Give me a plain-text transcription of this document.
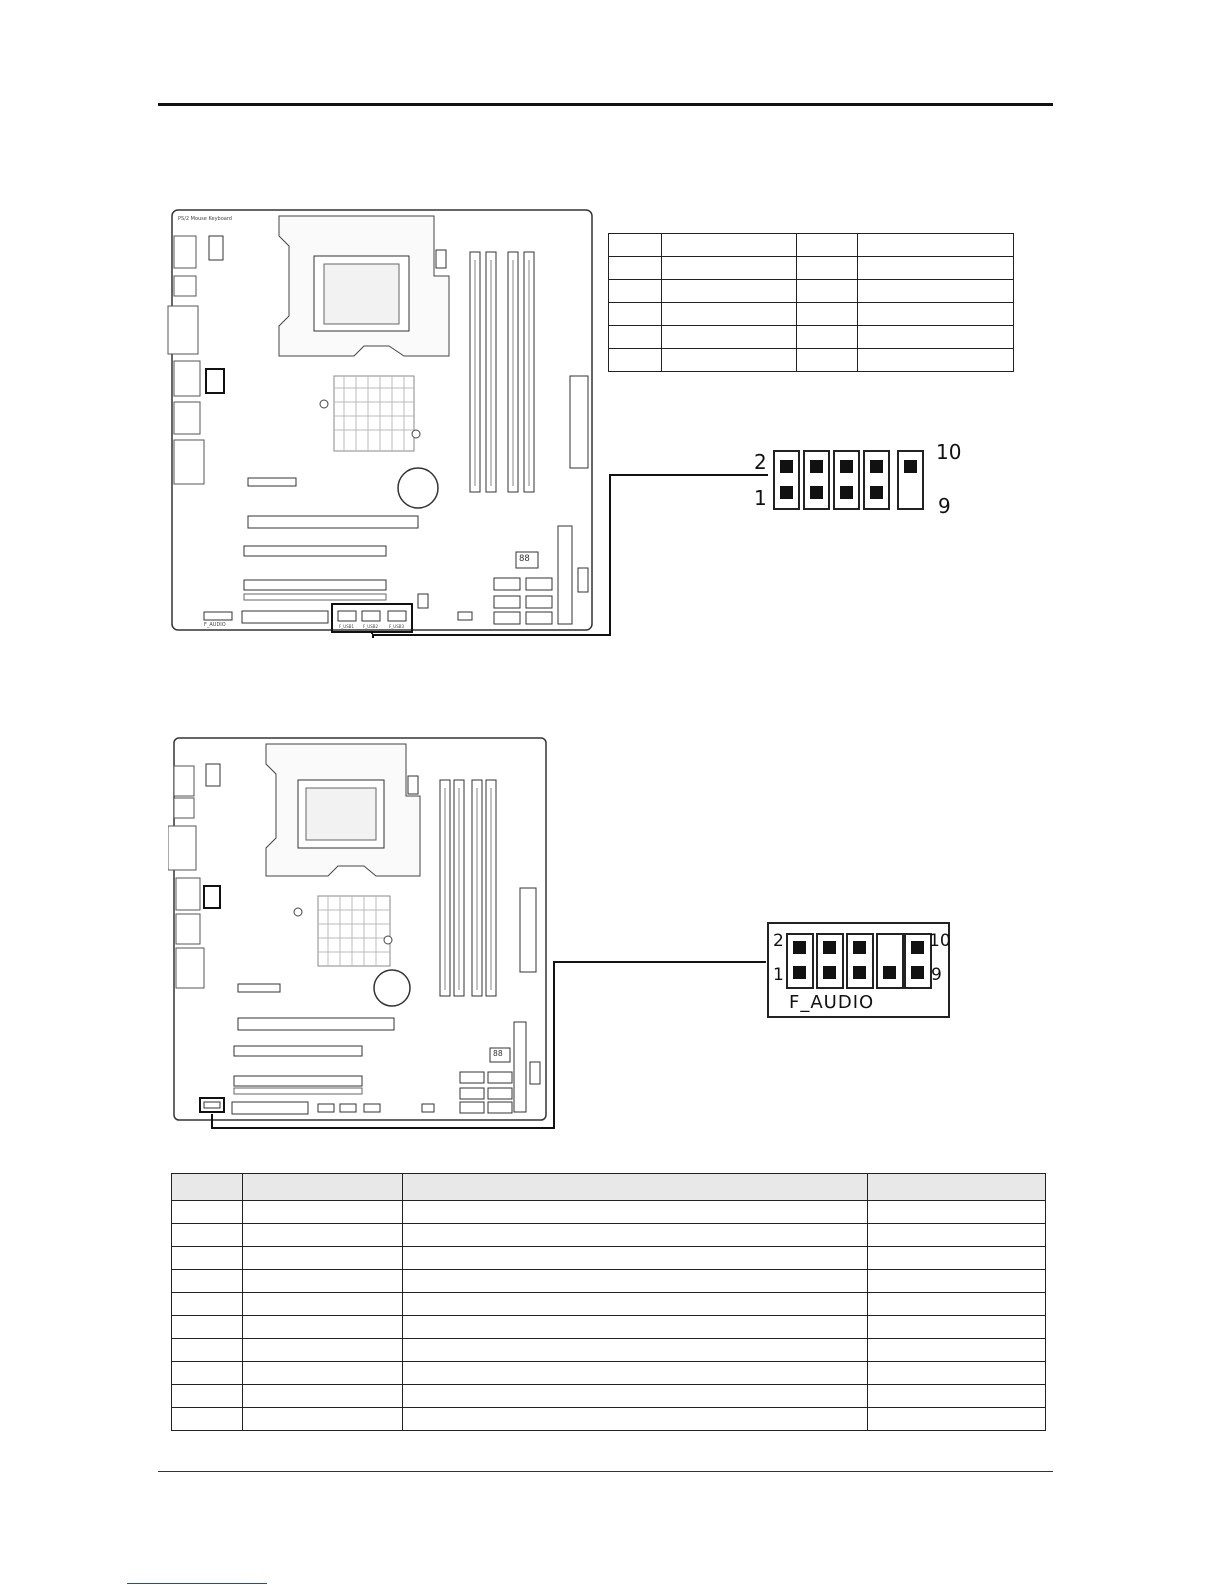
PS/2 Mouse Keyboard
F_AUDIO	F_USB1 F_USB2	F_USB3
88

2
1
10
9
88
2
1
10
9
F_AUDIO
